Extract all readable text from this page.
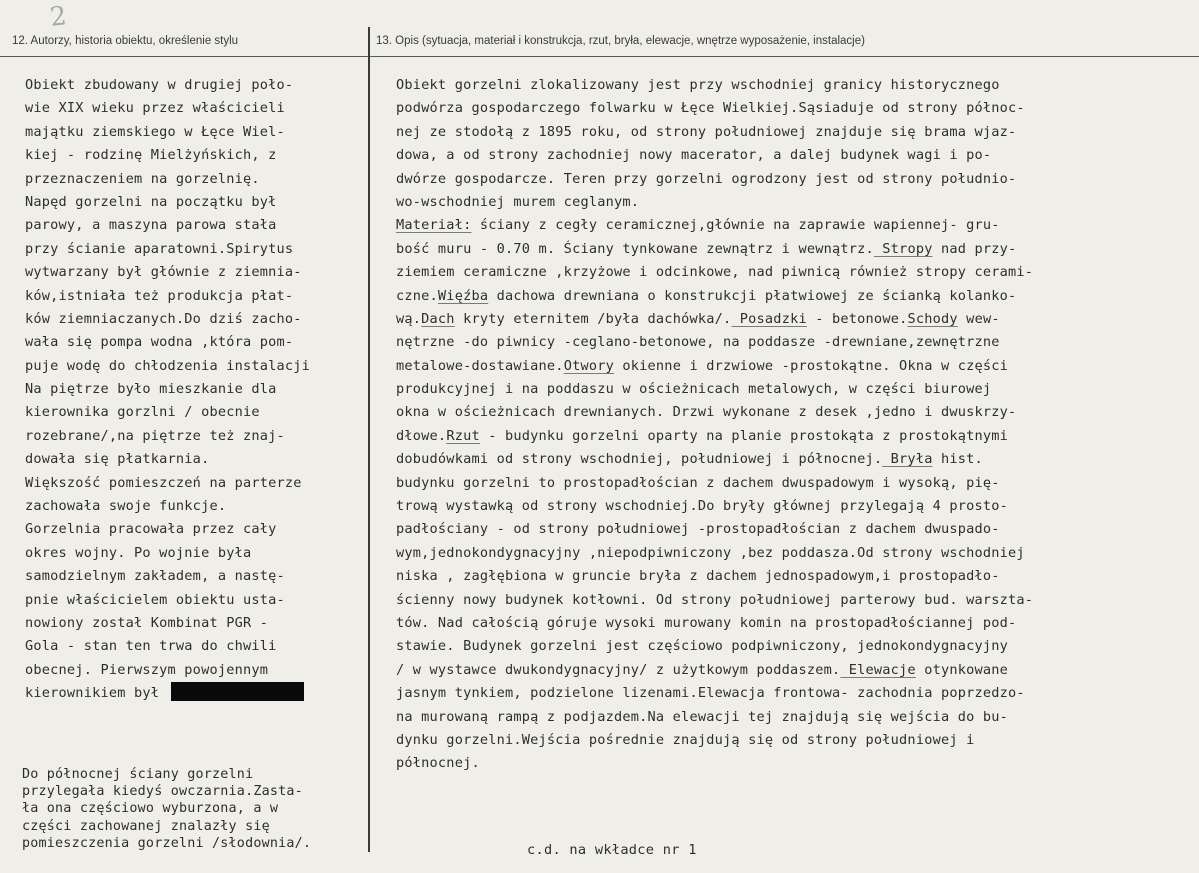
2
12. Autorzy, historia obiektu, określenie stylu	13. Opis (sytuacja, materiał i konstrukcja, rzut, bryła, elewacje, wnętrze wyposażenie, instalacje)
Obiekt zbudowany w drugiej poło-
wie XIX wieku przez właścicieli
majątku ziemskiego w Łęce Wiel-
kiej - rodzinę Mielżyńskich, z
przeznaczeniem na gorzelnię.
Napęd gorzelni na początku był
parowy, a maszyna parowa stała
przy ścianie aparatowni.Spirytus
wytwarzany był głównie z ziemnia-
ków,istniała też produkcja płat-
ków ziemniaczanych.Do dziś zacho-
wała się pompa wodna ,która pom-
puje wodę do chłodzenia instalacji
Na piętrze było mieszkanie dla
kierownika gorzlni / obecnie
rozebrane/,na piętrze też znaj-
dowała się płatkarnia.
Większość pomieszczeń na parterze
zachowała swoje funkcje.
Gorzelnia pracowała przez cały
okres wojny. Po wojnie była
samodzielnym zakładem, a nastę-
pnie właścicielem obiektu usta-
nowiony został Kombinat PGR -
Gola - stan ten trwa do chwili
obecnej. Pierwszym powojennym
kierownikiem był
Do północnej ściany gorzelni
przylegała kiedyś owczarnia.Zasta-
ła ona częściowo wyburzona, a w
części zachowanej znalazły się
pomieszczenia gorzelni /słodownia/.
Obiekt gorzelni zlokalizowany jest przy wschodniej granicy historycznego
podwórza gospodarczego folwarku w Łęce Wielkiej.Sąsiaduje od strony północ-
nej ze stodołą z 1895 roku, od strony południowej znajduje się brama wjaz-
dowa, a od strony zachodniej nowy macerator, a dalej budynek wagi i po-
dwórze gospodarcze. Teren przy gorzelni ogrodzony jest od strony południo-
wo-wschodniej murem ceglanym.
Materiał: ściany z cegły ceramicznej,głównie na zaprawie wapiennej- gru-
bość muru - 0.70 m. Ściany tynkowane zewnątrz i wewnątrz. Stropy nad przy-
ziemiem ceramiczne ,krzyżowe i odcinkowe, nad piwnicą również stropy cerami-
czne.Więźba dachowa drewniana o konstrukcji płatwiowej ze ścianką kolanko-
wą.Dach kryty eternitem /była dachówka/. Posadzki - betonowe.Schody wew-
nętrzne -do piwnicy -ceglano-betonowe, na poddasze -drewniane,zewnętrzne
metalowe-dostawiane.Otwory okienne i drzwiowe -prostokątne. Okna w części
produkcyjnej i na poddaszu w ościeżnicach metalowych, w części biurowej
okna w ościeżnicach drewnianych. Drzwi wykonane z desek ,jedno i dwuskrzy-
dłowe.Rzut - budynku gorzelni oparty na planie prostokąta z prostokątnymi
dobudówkami od strony wschodniej, południowej i północnej. Bryła hist.
budynku gorzelni to prostopadłościan z dachem dwuspadowym i wysoką, pię-
trową wystawką od strony wschodniej.Do bryły głównej przylegają 4 prosto-
padłościany - od strony południowej -prostopadłościan z dachem dwuspado-
wym,jednokondygnacyjny ,niepodpiwniczony ,bez poddasza.Od strony wschodniej
niska , zagłębiona w gruncie bryła z dachem jednospadowym,i prostopadło-
ścienny nowy budynek kotłowni. Od strony południowej parterowy bud. warszta-
tów. Nad całością góruje wysoki murowany komin na prostopadłościannej pod-
stawie. Budynek gorzelni jest częściowo podpiwniczony, jednokondygnacyjny
/ w wystawce dwukondygnacyjny/ z użytkowym poddaszem. Elewacje otynkowane
jasnym tynkiem, podzielone lizenami.Elewacja frontowa- zachodnia poprzedzo-
na murowaną rampą z podjazdem.Na elewacji tej znajdują się wejścia do bu-
dynku gorzelni.Wejścia pośrednie znajdują się od strony południowej i
północnej.
c.d. na wkładce nr 1
